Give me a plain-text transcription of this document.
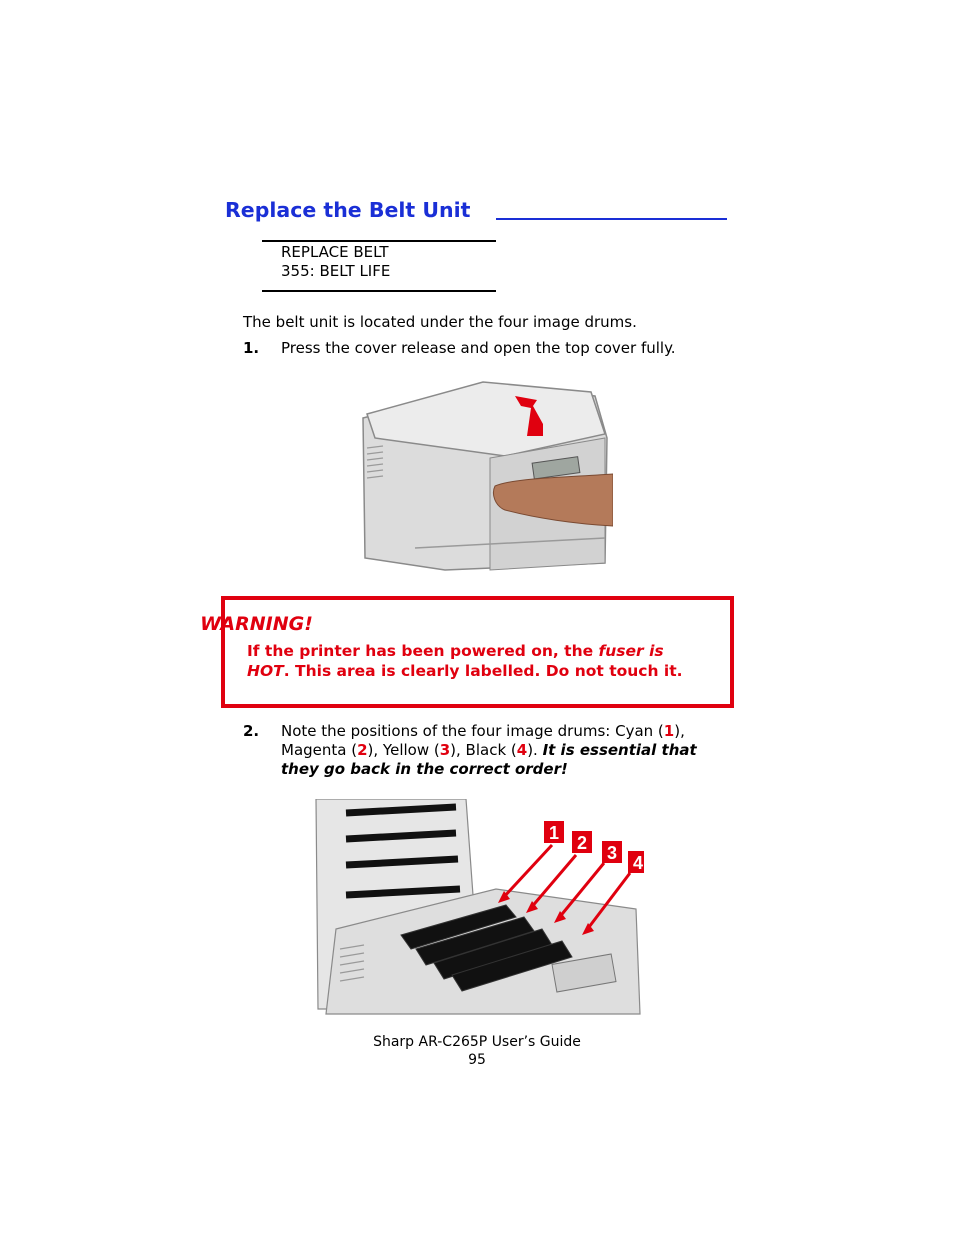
Replace the Belt Unit
REPLACE BELT
355: BELT LIFE
The belt unit is located under the four image drums.
1. Press the cover release and open the top cover fully.
WARNING!
If the printer has been powered on, the fuser is
HOT. This area is clearly labelled. Do not touch it.
2. Note the positions of the four image drums: Cyan (1),
Magenta (2), Yellow (3), Black (4). It is essential that
they go back in the correct order!
1 2 3 4
Sharp AR-C265P User’s Guide
95
